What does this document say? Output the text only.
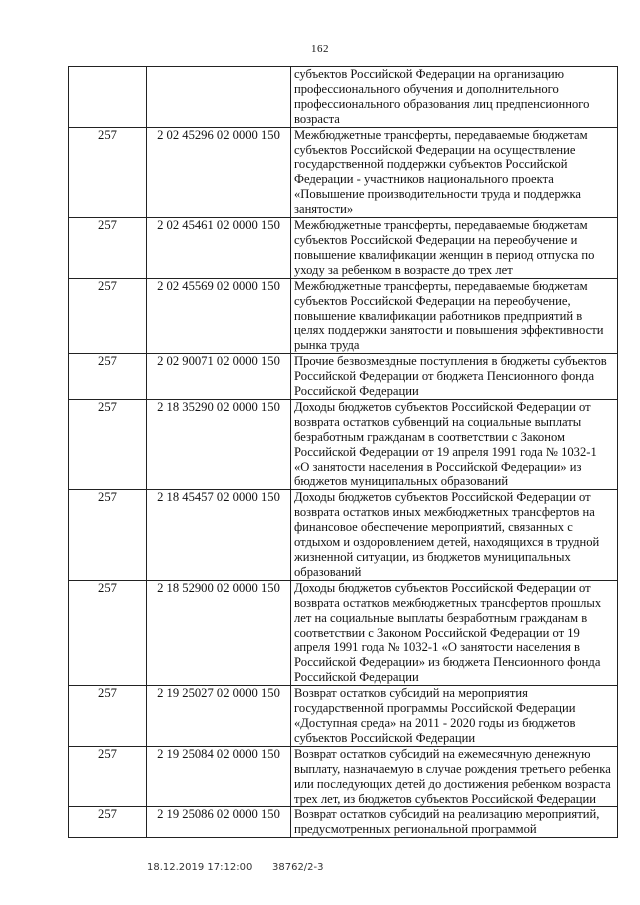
162
		субъектов Российской Федерации на организацию профессионального обучения и дополнительного профессионального образования лиц предпенсионного возраста
257	2 02 45296 02 0000 150	Межбюджетные трансферты, передаваемые бюджетам субъектов Российской Федерации на осуществление государственной поддержки субъектов Российской Федерации - участников национального проекта «Повышение производительности труда и поддержка занятости»
257	2 02 45461 02 0000 150	Межбюджетные трансферты, передаваемые бюджетам субъектов Российской Федерации на переобучение и повышение квалификации женщин в период отпуска по уходу за ребенком в возрасте до трех лет
257	2 02 45569 02 0000 150	Межбюджетные трансферты, передаваемые бюджетам субъектов Российской Федерации на переобучение, повышение квалификации работников предприятий в целях поддержки занятости и повышения эффективности рынка труда
257	2 02 90071 02 0000 150	Прочие безвозмездные поступления в бюджеты субъектов Российской Федерации от бюджета Пенсионного фонда Российской Федерации
257	2 18 35290 02 0000 150	Доходы бюджетов субъектов Российской Федерации от возврата остатков субвенций на социальные выплаты безработным гражданам в соответствии с Законом Российской Федерации от 19 апреля 1991 года № 1032-1 «О занятости населения в Российской Федерации» из бюджетов муниципальных образований
257	2 18 45457 02 0000 150	Доходы бюджетов субъектов Российской Федерации от возврата остатков иных межбюджетных трансфертов на финансовое обеспечение мероприятий, связанных с отдыхом и оздоровлением детей, находящихся в трудной жизненной ситуации, из бюджетов муниципальных образований
257	2 18 52900 02 0000 150	Доходы бюджетов субъектов Российской Федерации от возврата остатков межбюджетных трансфертов прошлых лет на социальные выплаты безработным гражданам в соответствии с Законом Российской Федерации от 19 апреля 1991 года № 1032-1 «О занятости населения в Российской Федерации» из бюджета Пенсионного фонда Российской Федерации
257	2 19 25027 02 0000 150	Возврат остатков субсидий на мероприятия государственной программы Российской Федерации «Доступная среда» на 2011 - 2020 годы из бюджетов субъектов Российской Федерации
257	2 19 25084 02 0000 150	Возврат остатков субсидий на ежемесячную денежную выплату, назначаемую в случае рождения третьего ребенка или последующих детей до достижения ребенком возраста трех лет, из бюджетов субъектов Российской Федерации
257	2 19 25086 02 0000 150	Возврат остатков субсидий на реализацию мероприятий, предусмотренных региональной программой
18.12.2019 17:12:00 38762/2-3
